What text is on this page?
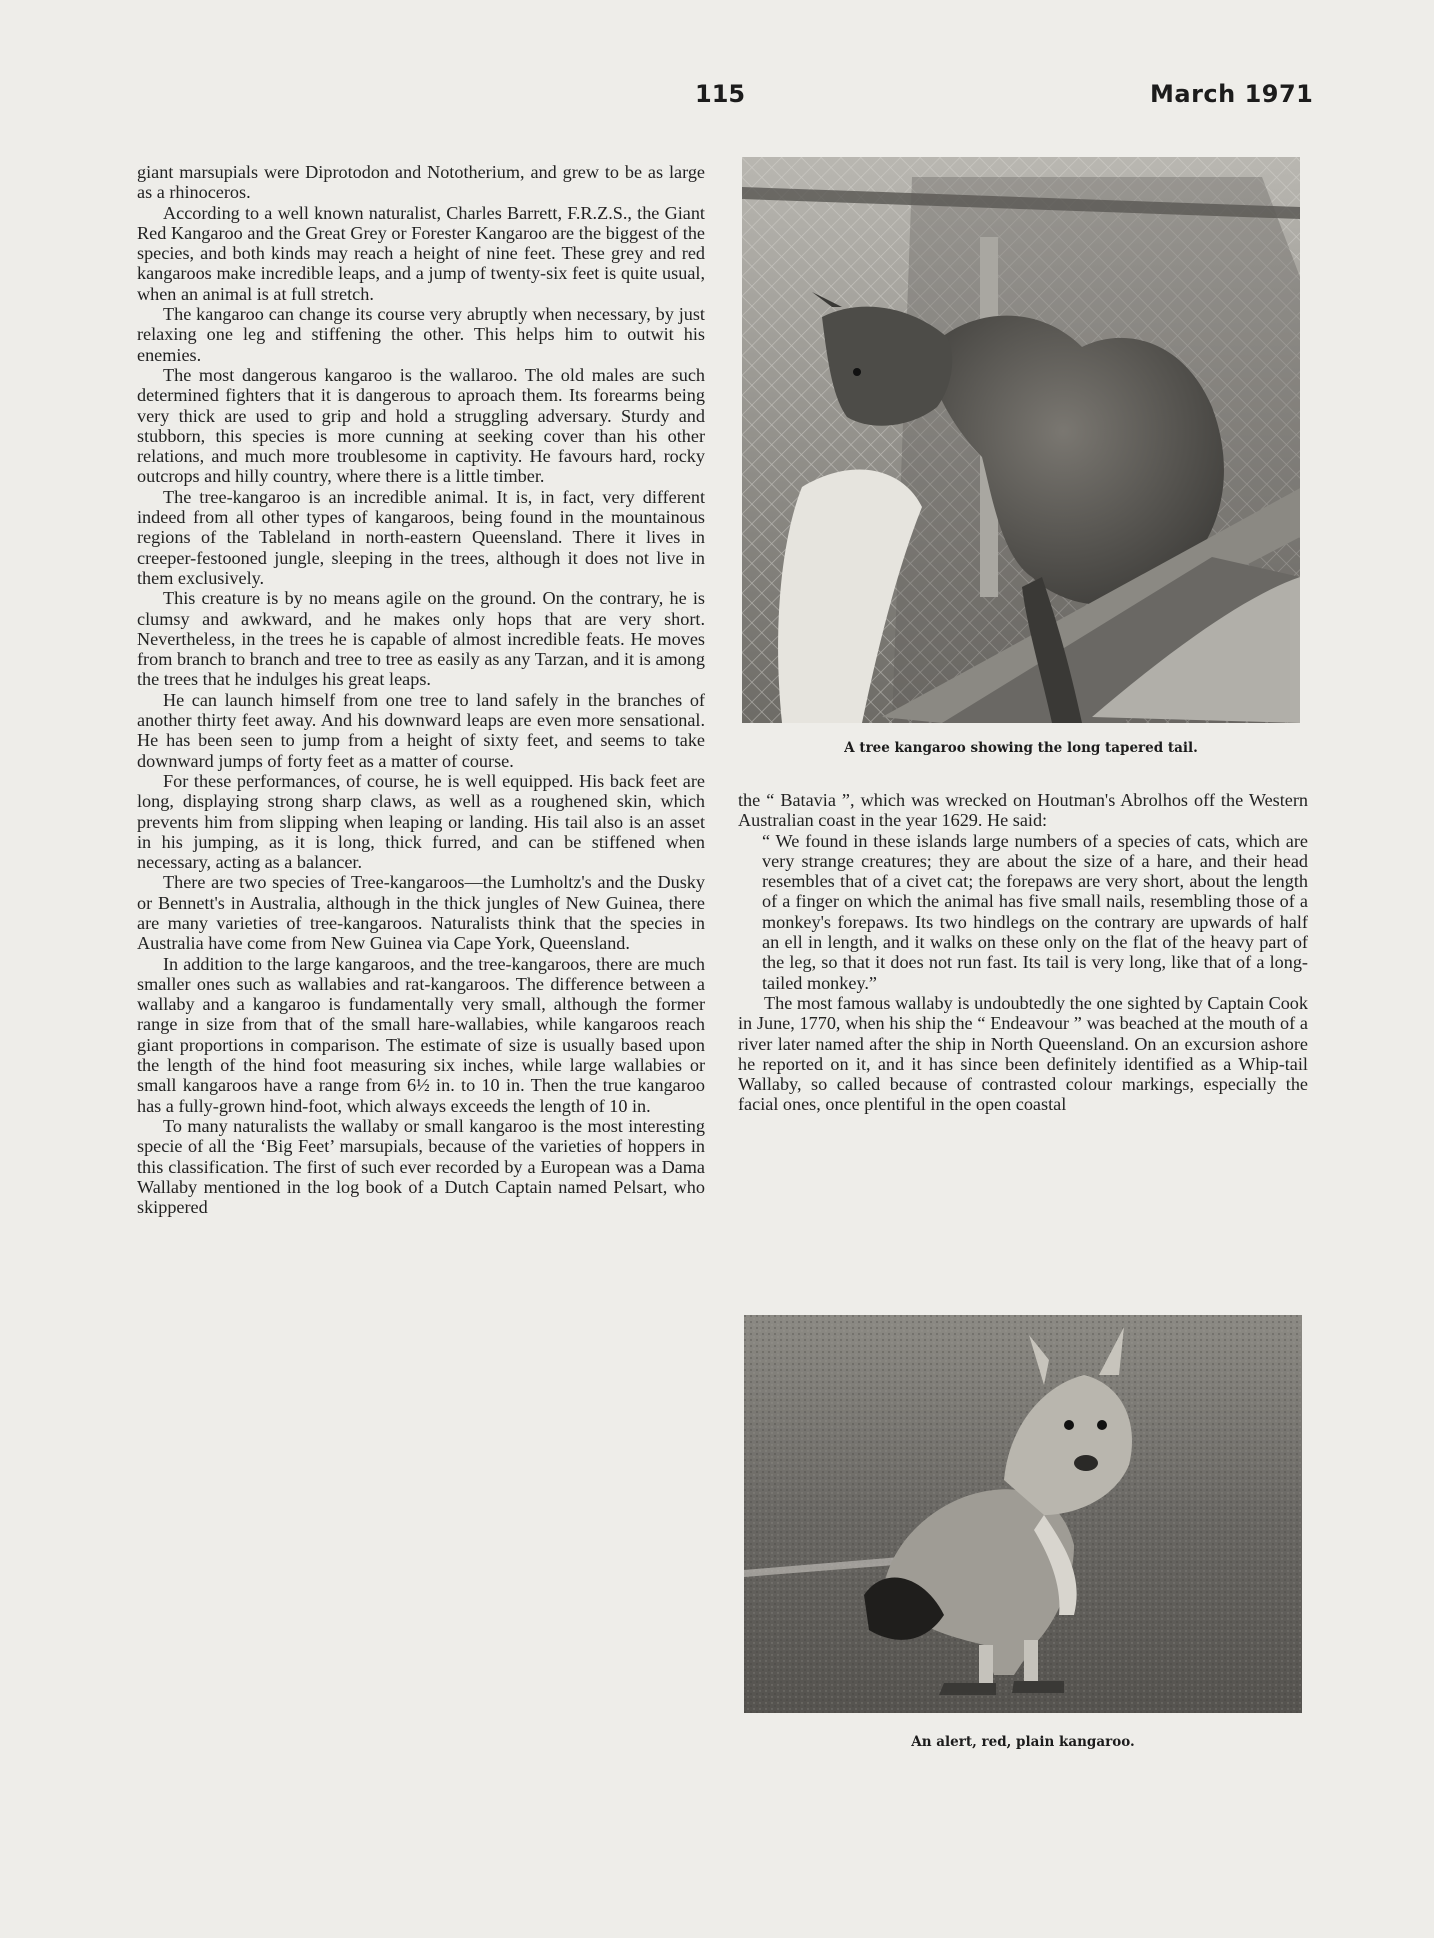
115	March 1971

giant marsupials were Diprotodon and Nototherium, and grew to be as large as a rhinoceros.

According to a well known naturalist, Charles Barrett, F.R.Z.S., the Giant Red Kangaroo and the Great Grey or Forester Kangaroo are the biggest of the species, and both kinds may reach a height of nine feet. These grey and red kangaroos make incredible leaps, and a jump of twenty-six feet is quite usual, when an animal is at full stretch.

The kangaroo can change its course very abruptly when necessary, by just relaxing one leg and stiffening the other. This helps him to outwit his enemies.

The most dangerous kangaroo is the wallaroo. The old males are such determined fighters that it is dangerous to aproach them. Its forearms being very thick are used to grip and hold a struggling adversary. Sturdy and stubborn, this species is more cunning at seeking cover than his other relations, and much more troublesome in captivity. He favours hard, rocky outcrops and hilly country, where there is a little timber.

The tree-kangaroo is an incredible animal. It is, in fact, very different indeed from all other types of kangaroos, being found in the mountainous regions of the Tableland in north-eastern Queensland. There it lives in creeper-festooned jungle, sleeping in the trees, although it does not live in them exclusively.

This creature is by no means agile on the ground. On the contrary, he is clumsy and awkward, and he makes only hops that are very short. Nevertheless, in the trees he is capable of almost incredible feats. He moves from branch to branch and tree to tree as easily as any Tarzan, and it is among the trees that he indulges his great leaps.

He can launch himself from one tree to land safely in the branches of another thirty feet away. And his downward leaps are even more sensational. He has been seen to jump from a height of sixty feet, and seems to take downward jumps of forty feet as a matter of course.

For these performances, of course, he is well equipped. His back feet are long, displaying strong sharp claws, as well as a roughened skin, which prevents him from slipping when leaping or landing. His tail also is an asset in his jumping, as it is long, thick furred, and can be stiffened when necessary, acting as a balancer.

There are two species of Tree-kangaroos—the Lumholtz's and the Dusky or Bennett's in Australia, although in the thick jungles of New Guinea, there are many varieties of tree-kangaroos. Naturalists think that the species in Australia have come from New Guinea via Cape York, Queensland.

In addition to the large kangaroos, and the tree-kangaroos, there are much smaller ones such as wallabies and rat-kangaroos. The difference between a wallaby and a kangaroo is fundamentally very small, although the former range in size from that of the small hare-wallabies, while kangaroos reach giant proportions in comparison. The estimate of size is usually based upon the length of the hind foot measuring six inches, while large wallabies or small kangaroos have a range from 6½ in. to 10 in. Then the true kangaroo has a fully-grown hind-foot, which always exceeds the length of 10 in.

To many naturalists the wallaby or small kangaroo is the most interesting specie of all the ‘Big Feet’ marsupials, because of the varieties of hoppers in this classification. The first of such ever recorded by a European was a Dama Wallaby mentioned in the log book of a Dutch Captain named Pelsart, who skippered

A tree kangaroo showing the long tapered tail.

the “ Batavia ”, which was wrecked on Houtman's Abrolhos off the Western Australian coast in the year 1629. He said:

“ We found in these islands large numbers of a species of cats, which are very strange creatures; they are about the size of a hare, and their head resembles that of a civet cat; the forepaws are very short, about the length of a finger on which the animal has five small nails, resembling those of a monkey's forepaws. Its two hindlegs on the contrary are upwards of half an ell in length, and it walks on these only on the flat of the heavy part of the leg, so that it does not run fast. Its tail is very long, like that of a long-tailed monkey.”

The most famous wallaby is undoubtedly the one sighted by Captain Cook in June, 1770, when his ship the “ Endeavour ” was beached at the mouth of a river later named after the ship in North Queensland. On an excursion ashore he reported on it, and it has since been definitely identified as a Whip-tail Wallaby, so called because of contrasted colour markings, especially the facial ones, once plentiful in the open coastal

An alert, red, plain kangaroo.
